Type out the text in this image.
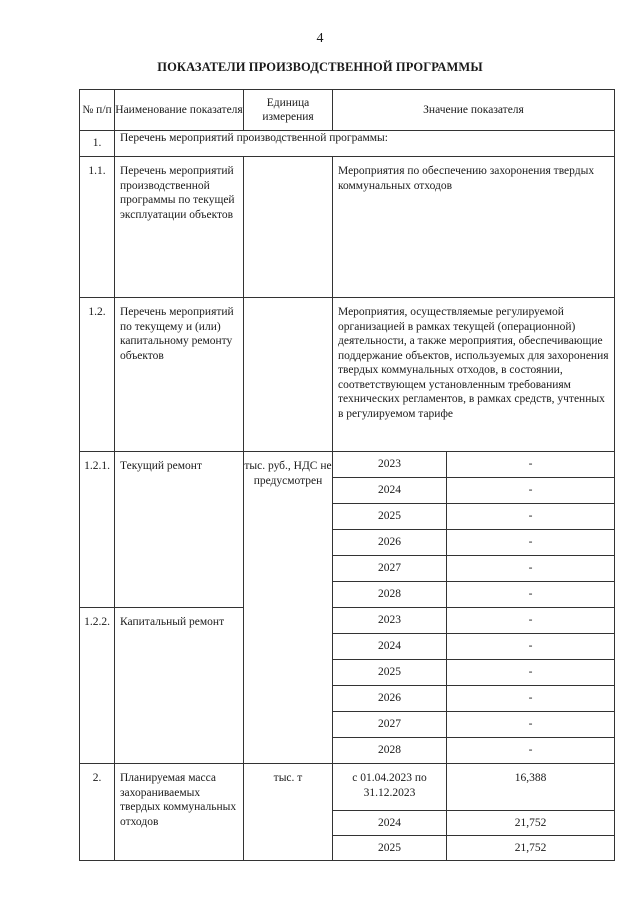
4
ПОКАЗАТЕЛИ ПРОИЗВОДСТВЕННОЙ ПРОГРАММЫ
№ п/п	Наименование показателя	Единица измерения	Значение показателя	
1.	Перечень мероприятий производственной программы:			
1.1.	Перечень мероприятий производственной программы по текущей эксплуатации объектов		Мероприятия по обеспечению захоронения твердых коммунальных отходов	
1.2.	Перечень мероприятий по текущему и (или) капитальному ремонту объектов		Мероприятия, осуществляемые регулируемой организацией в рамках текущей (операционной) деятельности, а также мероприятия, обеспечивающие поддержание объектов, используемых для захоронения твердых коммунальных отходов, в состоянии, соответствующем установленным требованиям технических регламентов, в рамках средств, учтенных в регулируемом тарифе	
1.2.1.	Текущий ремонт	тыс. руб., НДС не предусмотрен	2023	-
			2024	-
			2025	-
			2026	-
			2027	-
			2028	-
1.2.2.	Капитальный ремонт		2023	-
			2024	-
			2025	-
			2026	-
			2027	-
			2028	-
2.	Планируемая масса захораниваемых твердых коммунальных отходов	тыс. т	с 01.04.2023 по 31.12.2023	16,388
			2024	21,752
			2025	21,752
